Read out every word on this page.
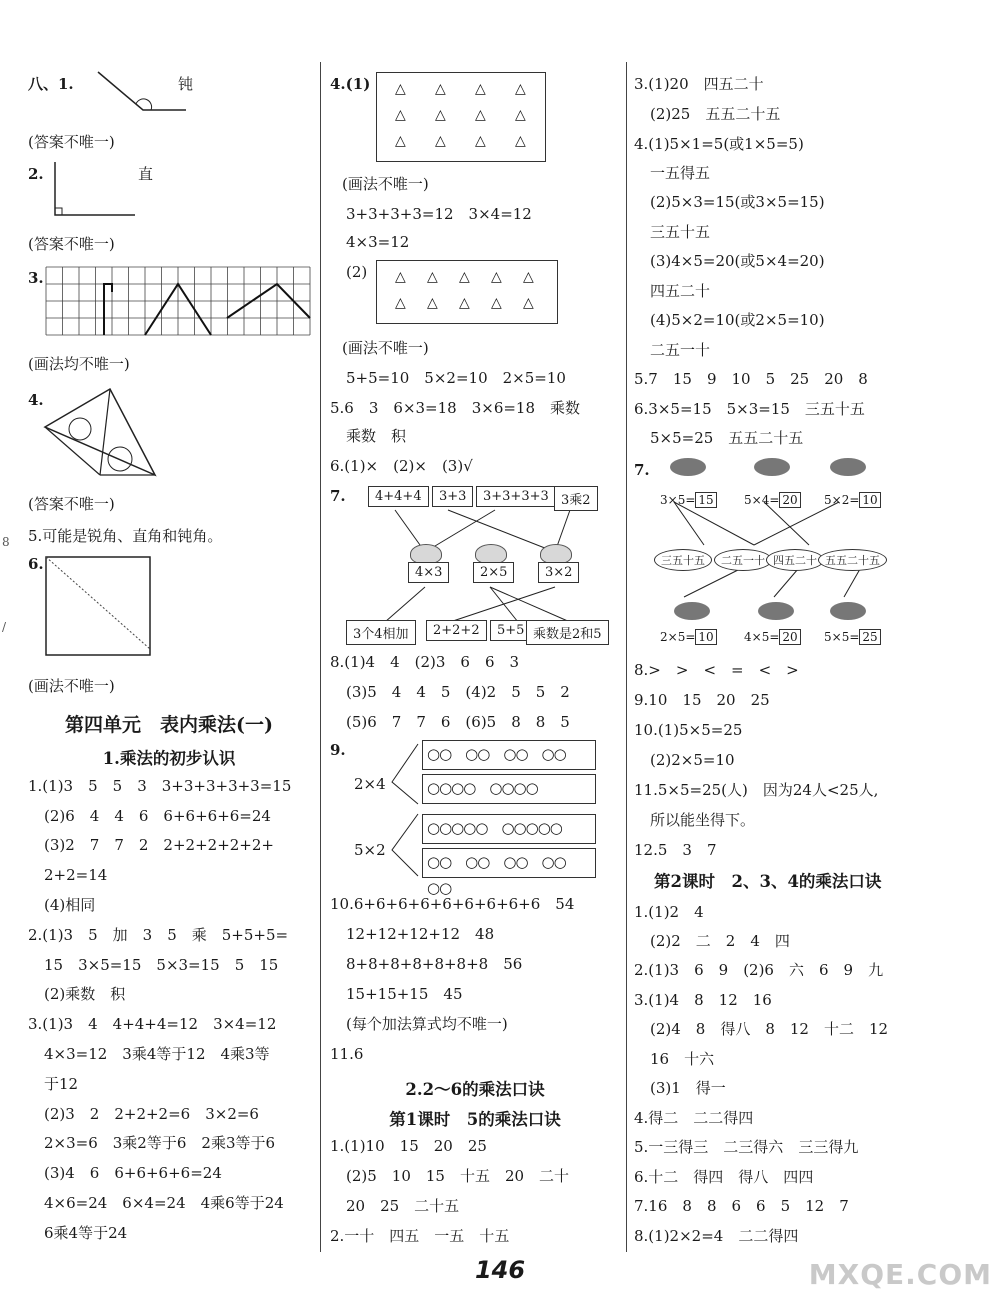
8
/
八、1.	钝
(答案不唯一)
2.	直
(答案不唯一)
3.
(画法均不唯一)
4.
(答案不唯一)
5.可能是锐角、直角和钝角。
6.
(画法不唯一)
第四单元　表内乘法(一)
1.乘法的初步认识
1.(1)3　5　5　3　3+3+3+3+3=15
(2)6　4　4　6　6+6+6+6=24
(3)2　7　7　2　2+2+2+2+2+
2+2=14
(4)相同
2.(1)3　5　加　3　5　乘　5+5+5=
15　3×5=15　5×3=15　5　15
(2)乘数　积
3.(1)3　4　4+4+4=12　3×4=12
4×3=12　3乘4等于12　4乘3等
于12
(2)3　2　2+2+2=6　3×2=6
2×3=6　3乘2等于6　2乘3等于6
(3)4　6　6+6+6+6=24
4×6=24　6×4=24　4乘6等于24
6乘4等于24
4.(1) △ △ △ △
△ △ △ △
△ △ △ △
(画法不唯一)
3+3+3+3=12　3×4=12
4×3=12
(2) △ △ △ △ △
△ △ △ △ △
(画法不唯一)
5+5=10　5×2=10　2×5=10
5.6　3　6×3=18　3×6=18　乘数
乘数　积
6.(1)×　(2)×　(3)√
7.	4+4+4	3+3	3+3+3+3 3乘2
4×3	2×5	3×2
3个4相加	2+2+2	5+5 乘数是2和5
8.(1)4　4　(2)3　6　6　3
(3)5　4　4　5　(4)2　5　5　2
(5)6　7　7　6　(6)5　8　8　5
9.
2×4
5×2
○○　○○　○○　○○
○○○○　○○○○
○○○○○　○○○○○
○○　○○　○○　○○　○○
10.6+6+6+6+6+6+6+6+6　54
12+12+12+12　48
8+8+8+8+8+8+8　56
15+15+15　45
(每个加法算式均不唯一)
11.6
2.2～6的乘法口诀
第1课时　5的乘法口诀
1.(1)10　15　20　25
(2)5　10　15　十五　20　二十
20　25　二十五
2.一十　四五　一五　十五
3.(1)20　四五二十
(2)25　五五二十五
4.(1)5×1=5(或1×5=5)
一五得五
(2)5×3=15(或3×5=15)
三五十五
(3)4×5=20(或5×4=20)
四五二十
(4)5×2=10(或2×5=10)
二五一十
5.7　15　9　10　5　25　20　8
6.3×5=15　5×3=15　三五十五
5×5=25　五五二十五
7.
3×5= 15	5×4= 20 5×2= 10
三五十五	二五一十 四五二十 五五二十五
2×5= 10	4×5= 20 5×5= 25
8.>　>　<　=　<　>
9.10　15　20　25
10.(1)5×5=25
(2)2×5=10
11.5×5=25(人)　因为24人<25人,
所以能坐得下。
12.5　3　7
第2课时　2、3、4的乘法口诀
1.(1)2　4
(2)2　二　2　4　四
2.(1)3　6　9　(2)6　六　6　9　九
3.(1)4　8　12　16
(2)4　8　得八　8　12　十二　12
16　十六
(3)1　得一
4.得二　二二得四
5.一三得三　二三得六　三三得九
6.十二　得四　得八　四四
7.16　8　8　6　6　5　12　7
8.(1)2×2=4　二二得四
146	MXQE.COM
